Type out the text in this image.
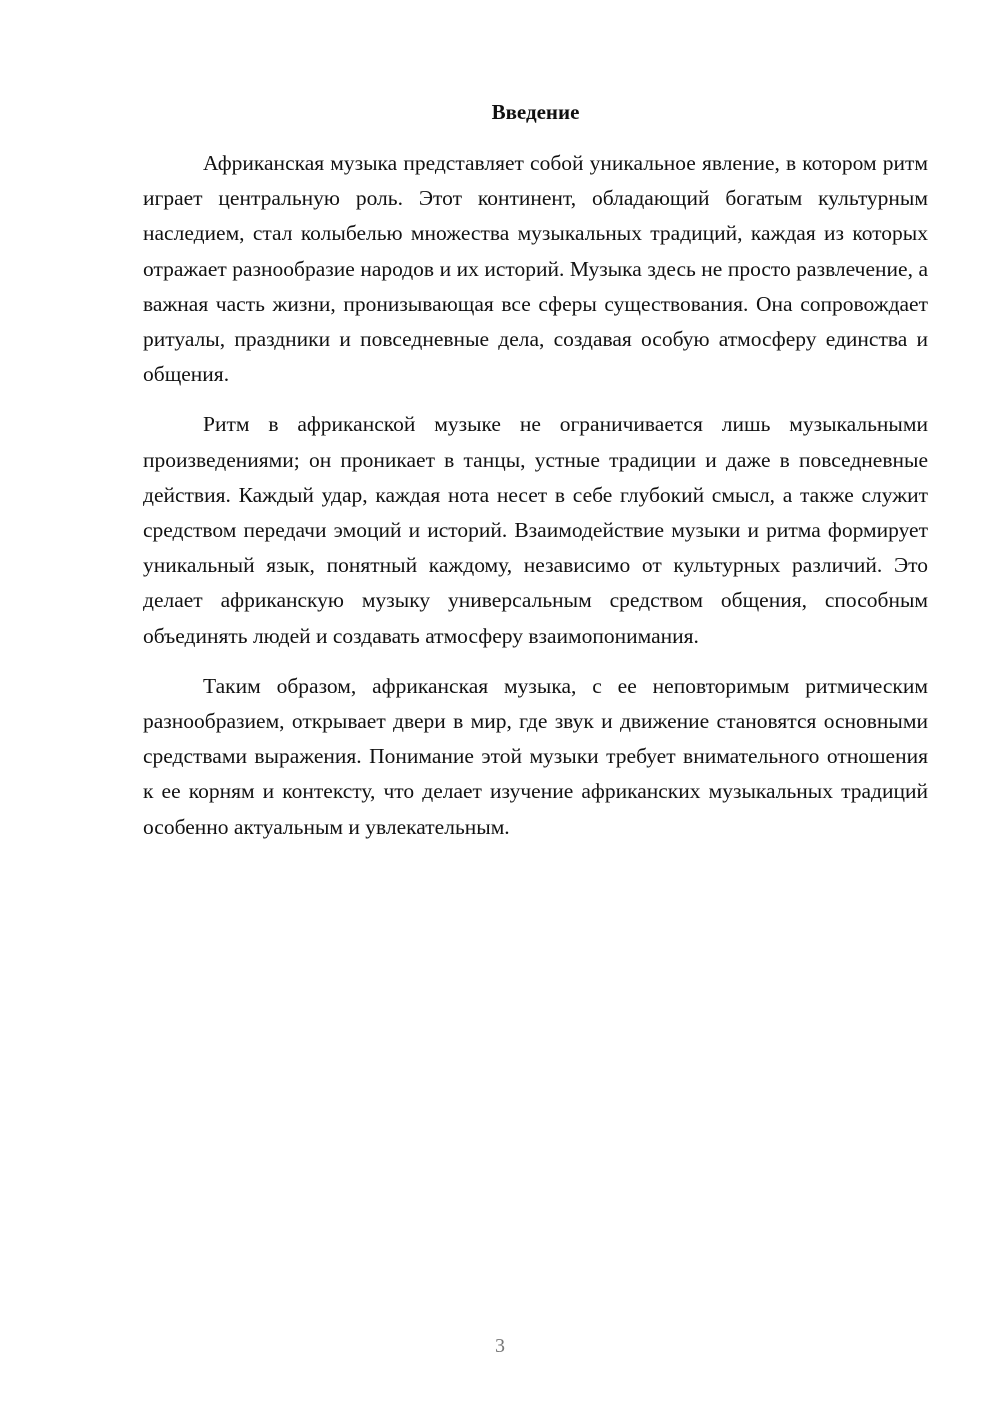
Введение

Африканская музыка представляет собой уникальное явление, в котором ритм играет центральную роль. Этот континент, обладающий богатым культурным наследием, стал колыбелью множества музыкальных традиций, каждая из которых отражает разнообразие народов и их историй. Музыка здесь не просто развлечение, а важная часть жизни, пронизывающая все сферы существования. Она сопровождает ритуалы, праздники и повседневные дела, создавая особую атмосферу единства и общения.

Ритм в африканской музыке не ограничивается лишь музыкальными произведениями; он проникает в танцы, устные традиции и даже в повседневные действия. Каждый удар, каждая нота несет в себе глубокий смысл, а также служит средством передачи эмоций и историй. Взаимодействие музыки и ритма формирует уникальный язык, понятный каждому, независимо от культурных различий. Это делает африканскую музыку универсальным средством общения, способным объединять людей и создавать атмосферу взаимопонимания.

Таким образом, африканская музыка, с ее неповторимым ритмическим разнообразием, открывает двери в мир, где звук и движение становятся основными средствами выражения. Понимание этой музыки требует внимательного отношения к ее корням и контексту, что делает изучение африканских музыкальных традиций особенно актуальным и увлекательным.

3
